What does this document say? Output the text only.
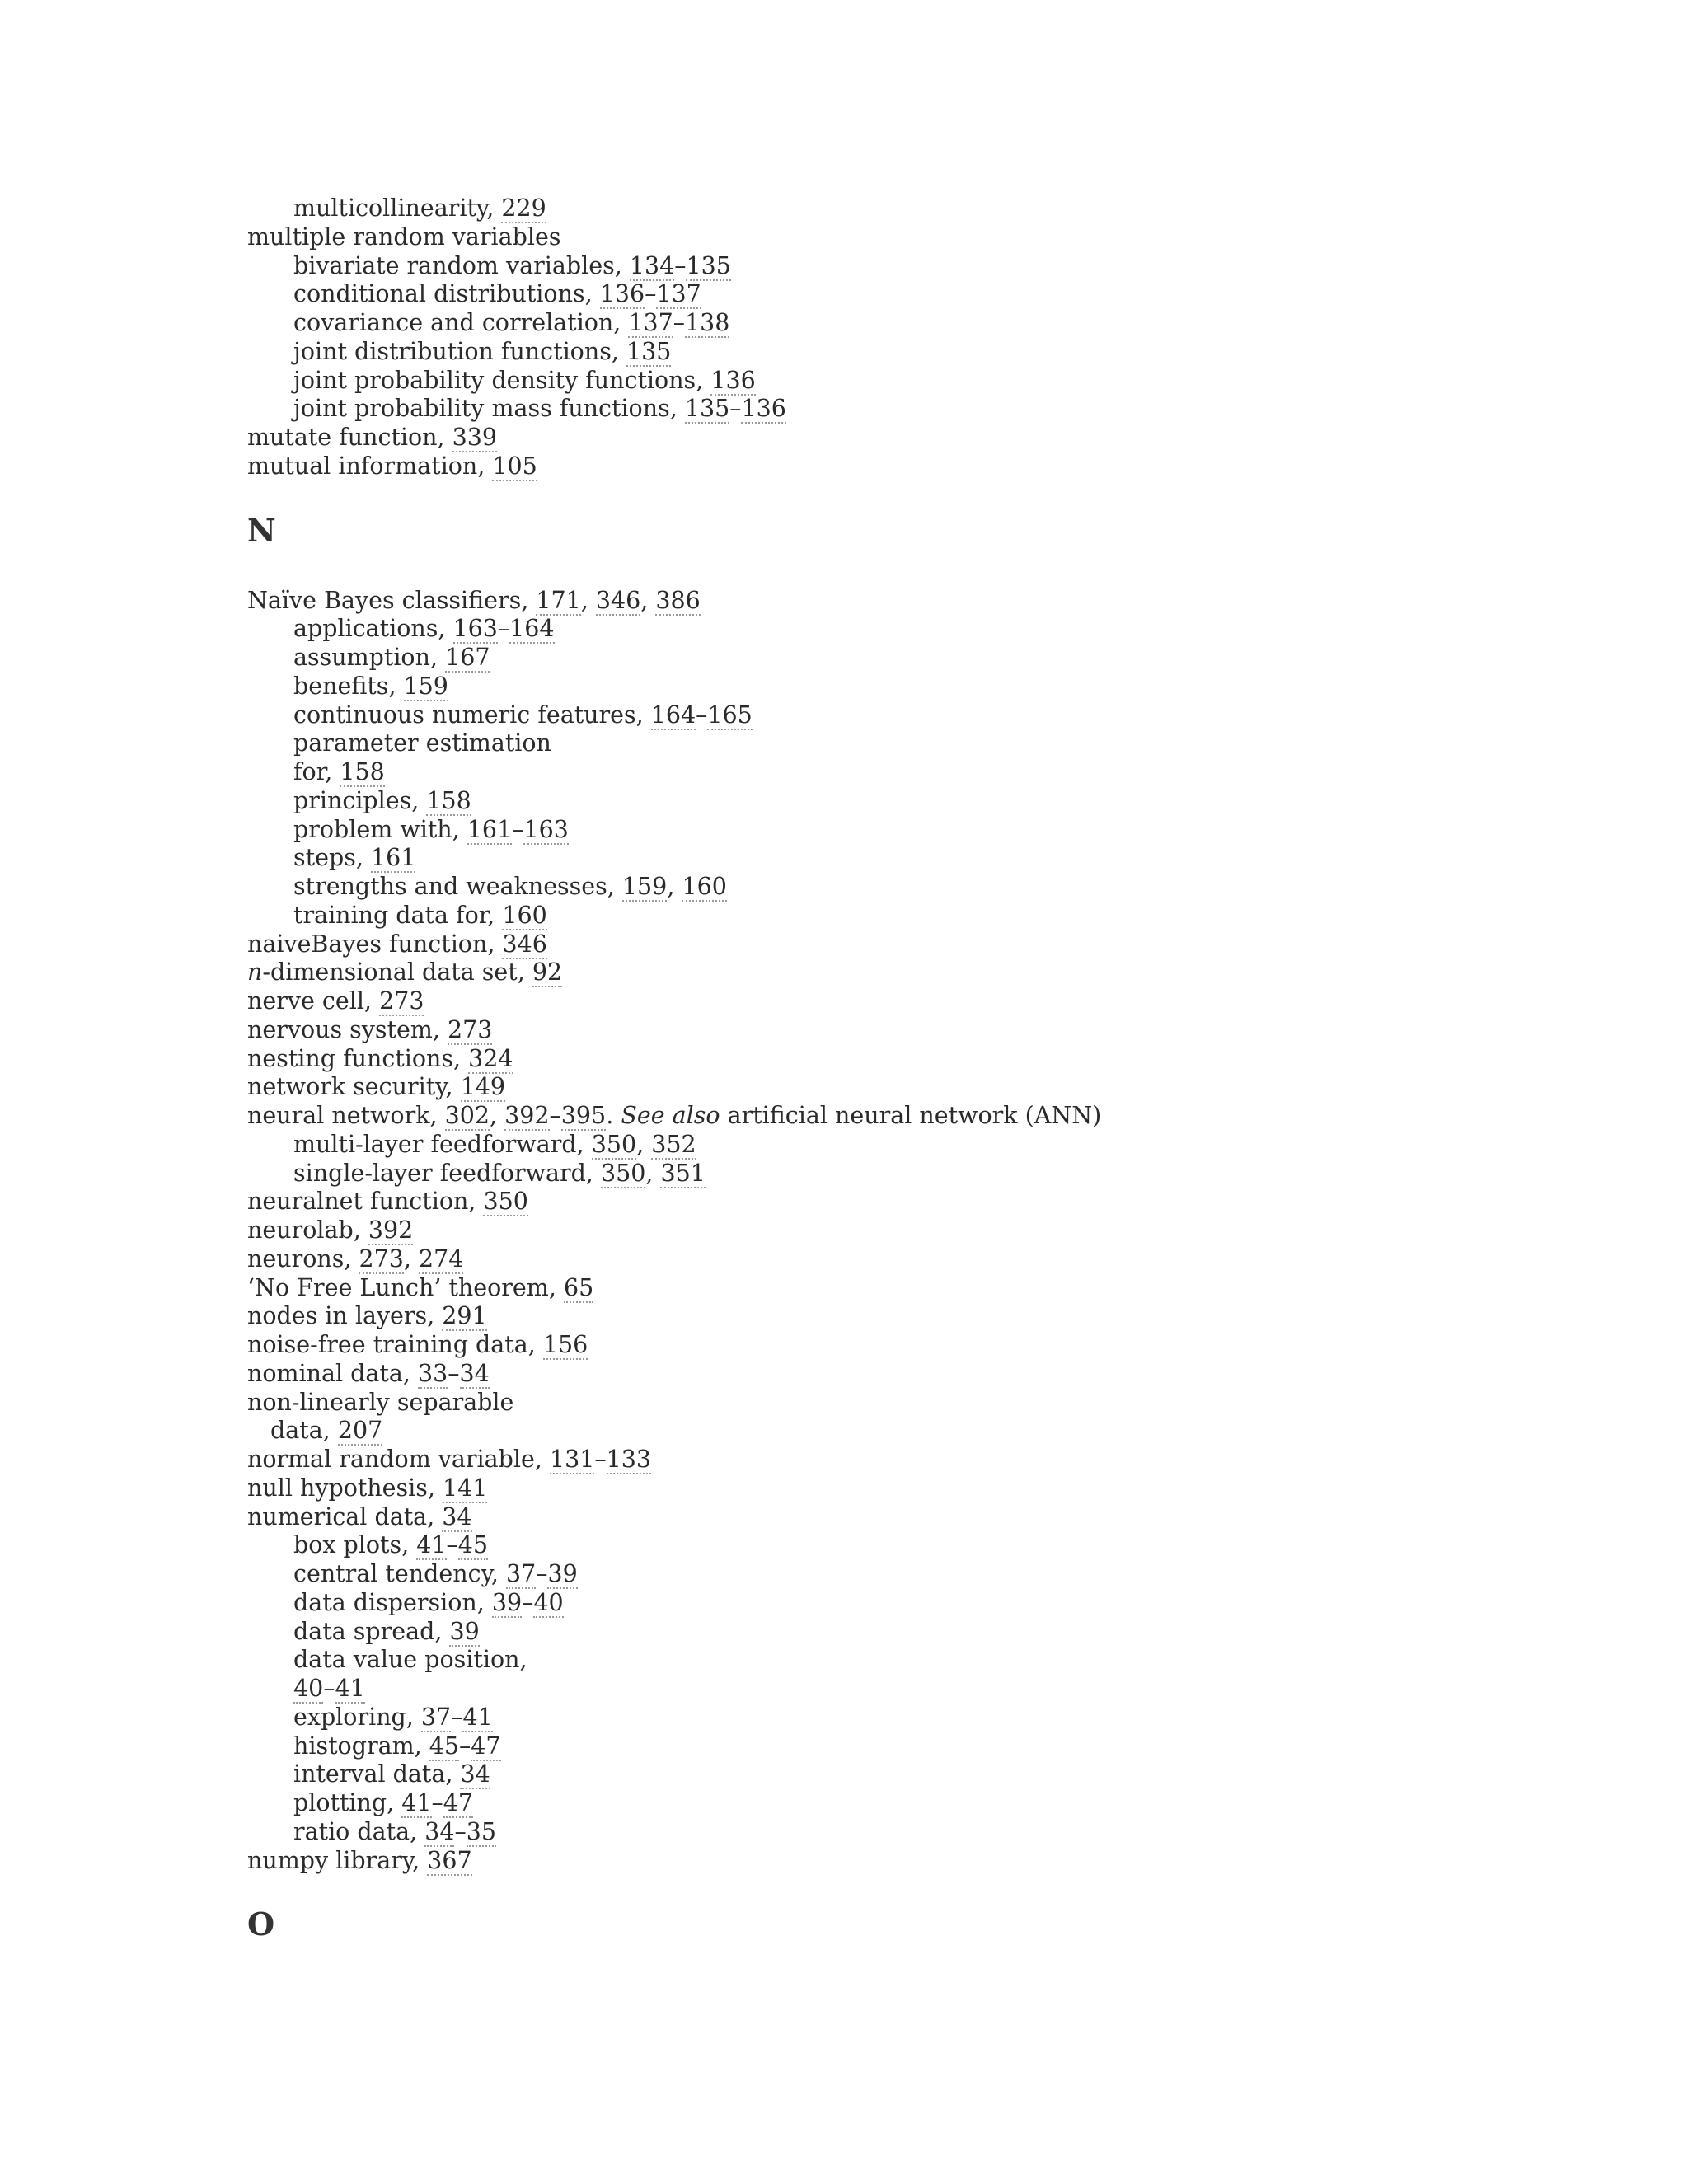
multicollinearity, 229
multiple random variables
bivariate random variables, 134–135
conditional distributions, 136–137
covariance and correlation, 137–138
joint distribution functions, 135
joint probability density functions, 136
joint probability mass functions, 135–136
mutate function, 339
mutual information, 105
N
Naïve Bayes classifiers, 171, 346, 386
applications, 163–164
assumption, 167
benefits, 159
continuous numeric features, 164–165
parameter estimation
for, 158
principles, 158
problem with, 161–163
steps, 161
strengths and weaknesses, 159, 160
training data for, 160
naiveBayes function, 346
n-dimensional data set, 92
nerve cell, 273
nervous system, 273
nesting functions, 324
network security, 149
neural network, 302, 392–395. See also artificial neural network (ANN)
multi-layer feedforward, 350, 352
single-layer feedforward, 350, 351
neuralnet function, 350
neurolab, 392
neurons, 273, 274
‘No Free Lunch’ theorem, 65
nodes in layers, 291
noise-free training data, 156
nominal data, 33–34
non-linearly separable
data, 207
normal random variable, 131–133
null hypothesis, 141
numerical data, 34
box plots, 41–45
central tendency, 37–39
data dispersion, 39–40
data spread, 39
data value position,
40–41
exploring, 37–41
histogram, 45–47
interval data, 34
plotting, 41–47
ratio data, 34–35
numpy library, 367
O
